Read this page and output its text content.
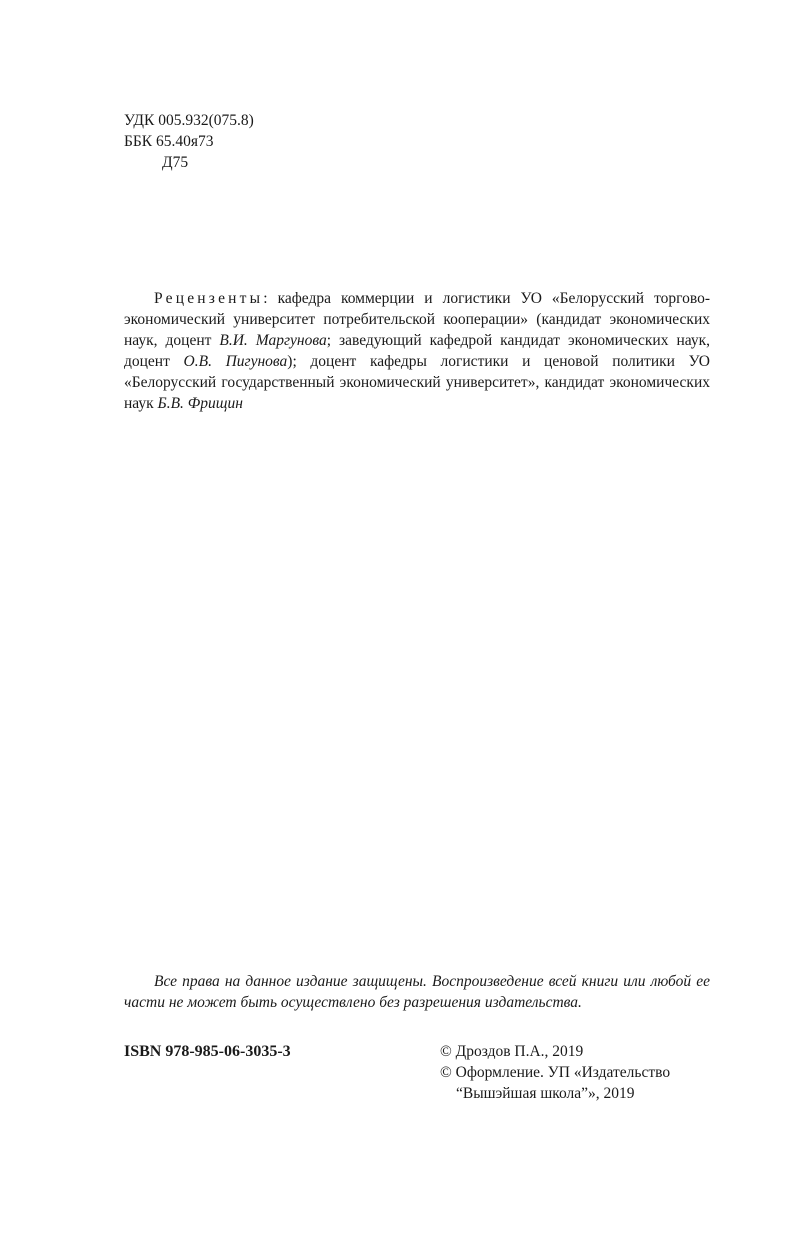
УДК 005.932(075.8)
ББК 65.40я73
Д75

Рецензенты: кафедра коммерции и логистики УО «Белорусский торгово-экономический университет потребительской кооперации» (кандидат экономических наук, доцент В.И. Маргунова; заведующий кафедрой кандидат экономических наук, доцент О.В. Пигунова); доцент кафедры логистики и ценовой политики УО «Белорусский государственный экономический университет», кандидат экономических наук Б.В. Фрищин

Все права на данное издание защищены. Воспроизведение всей книги или любой ее части не может быть осуществлено без разрешения издательства.

ISBN 978-985-06-3035-3	© Дроздов П.А., 2019
© Оформление. УП «Издательство
“Вышэйшая школа”», 2019
